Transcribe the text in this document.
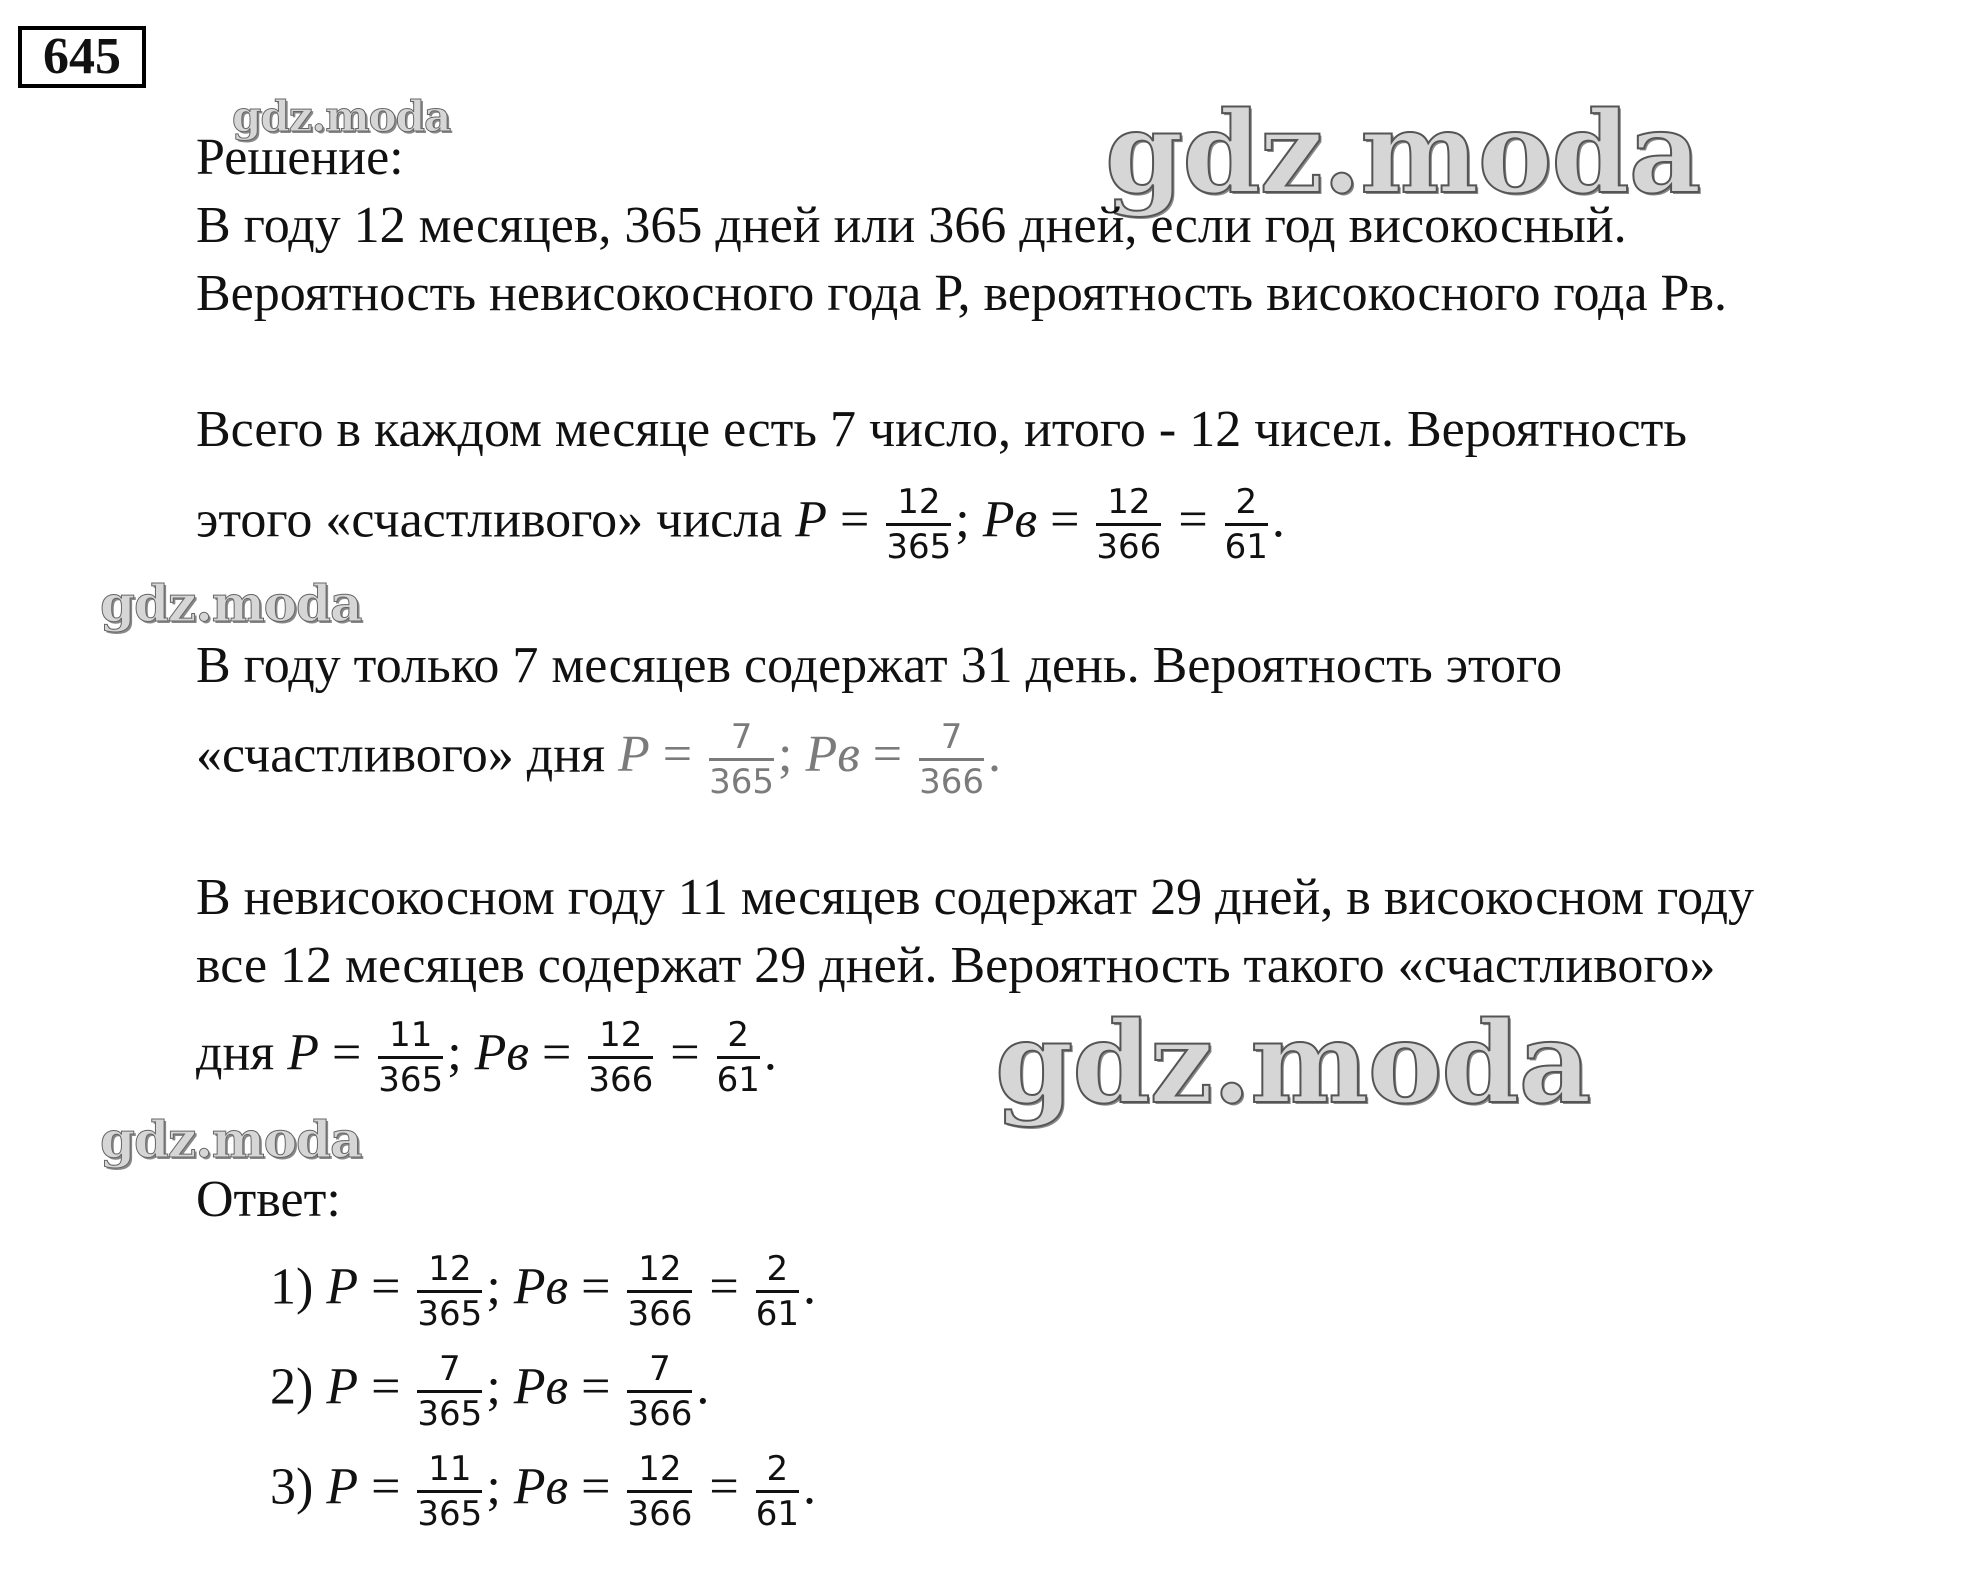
645
gdz.moda	gdz.moda
gdz.moda
gdz.moda
gdz.moda
Решение:
В году 12 месяцев, 365 дней или 366 дней, если год високосный.
Вероятность невисокосного года P, вероятность високосного года Pв.
Всего в каждом месяце есть 7 число, итого - 12 чисел. Вероятность
этого «счастливого» числа $P = \frac{12}{365}$ ; Pв = $\frac{12}{366} = \frac{2}{61}$ .
В году только 7 месяцев содержат 31 день. Вероятность этого
«счастливого» дня $P = \frac{7}{365}$ ; Pв = $\frac{7}{366}$ .
В невисокосном году 11 месяцев содержат 29 дней, в високосном году
все 12 месяцев содержат 29 дней. Вероятность такого «счастливого»
дня $P = \frac{11}{365}$ ; Pв = $\frac{12}{366} = \frac{2}{61}$ .
Ответ:
1) $P = \frac{12}{365}$ ; Pв = $\frac{12}{366} = \frac{2}{61}$ .
2) $P = \frac{7}{365}$ ; Pв = $\frac{7}{366}$ .
3) $P = \frac{11}{365}$ ; Pв = $\frac{12}{366} = \frac{2}{61}$ .
